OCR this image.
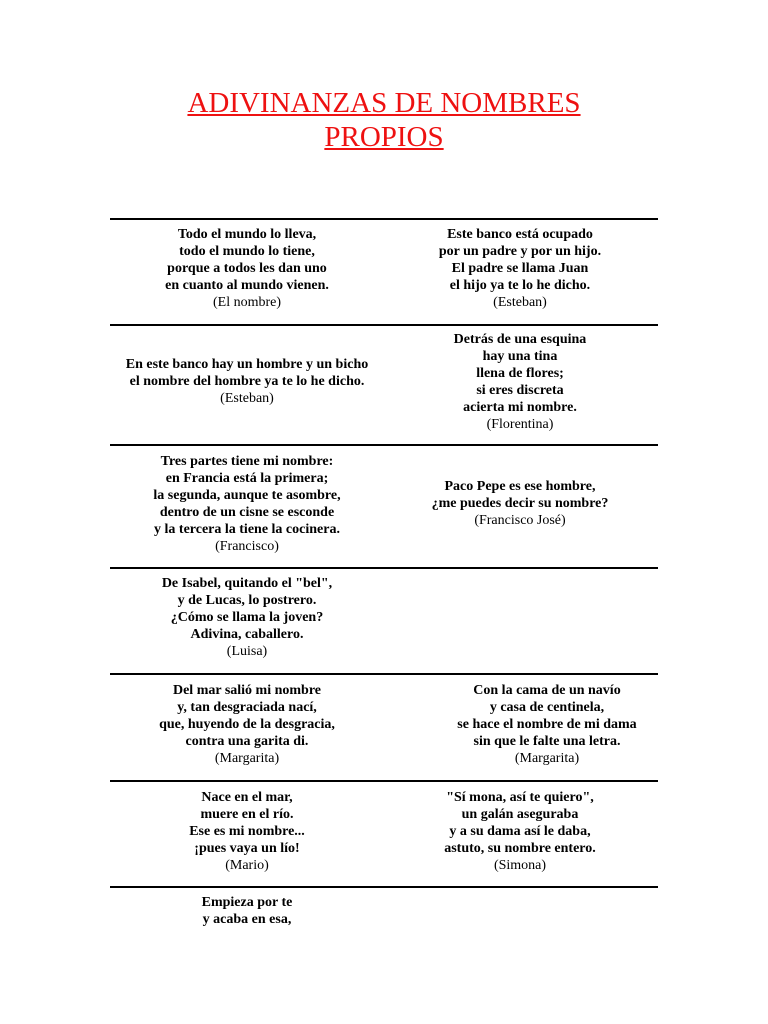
ADIVINANZAS DE NOMBRES
PROPIOS
Todo el mundo lo lleva,
todo el mundo lo tiene,
porque a todos les dan uno
en cuanto al mundo vienen.
(El nombre)
Este banco está ocupado
por un padre y por un hijo.
El padre se llama Juan
el hijo ya te lo he dicho.
(Esteban)
En este banco hay un hombre y un bicho
el nombre del hombre ya te lo he dicho.
(Esteban)
Detrás de una esquina
hay una tina
llena de flores;
si eres discreta
acierta mi nombre.
(Florentina)
Tres partes tiene mi nombre:
en Francia está la primera;
la segunda, aunque te asombre,
dentro de un cisne se esconde
y la tercera la tiene la cocinera.
(Francisco)
Paco Pepe es ese hombre,
¿me puedes decir su nombre?
(Francisco José)
De Isabel, quitando el "bel",
y de Lucas, lo postrero.
¿Cómo se llama la joven?
Adivina, caballero.
(Luisa)
Del mar salió mi nombre
y, tan desgraciada nací,
que, huyendo de la desgracia,
contra una garita di.
(Margarita)
Con la cama de un navío
y casa de centinela,
se hace el nombre de mi dama
sin que le falte una letra.
(Margarita)
Nace en el mar,
muere en el río.
Ese es mi nombre...
¡pues vaya un lío!
(Mario)
"Sí mona, así te quiero",
un galán aseguraba
y a su dama así le daba,
astuto, su nombre entero.
(Simona)
Empieza por te
y acaba en esa,
